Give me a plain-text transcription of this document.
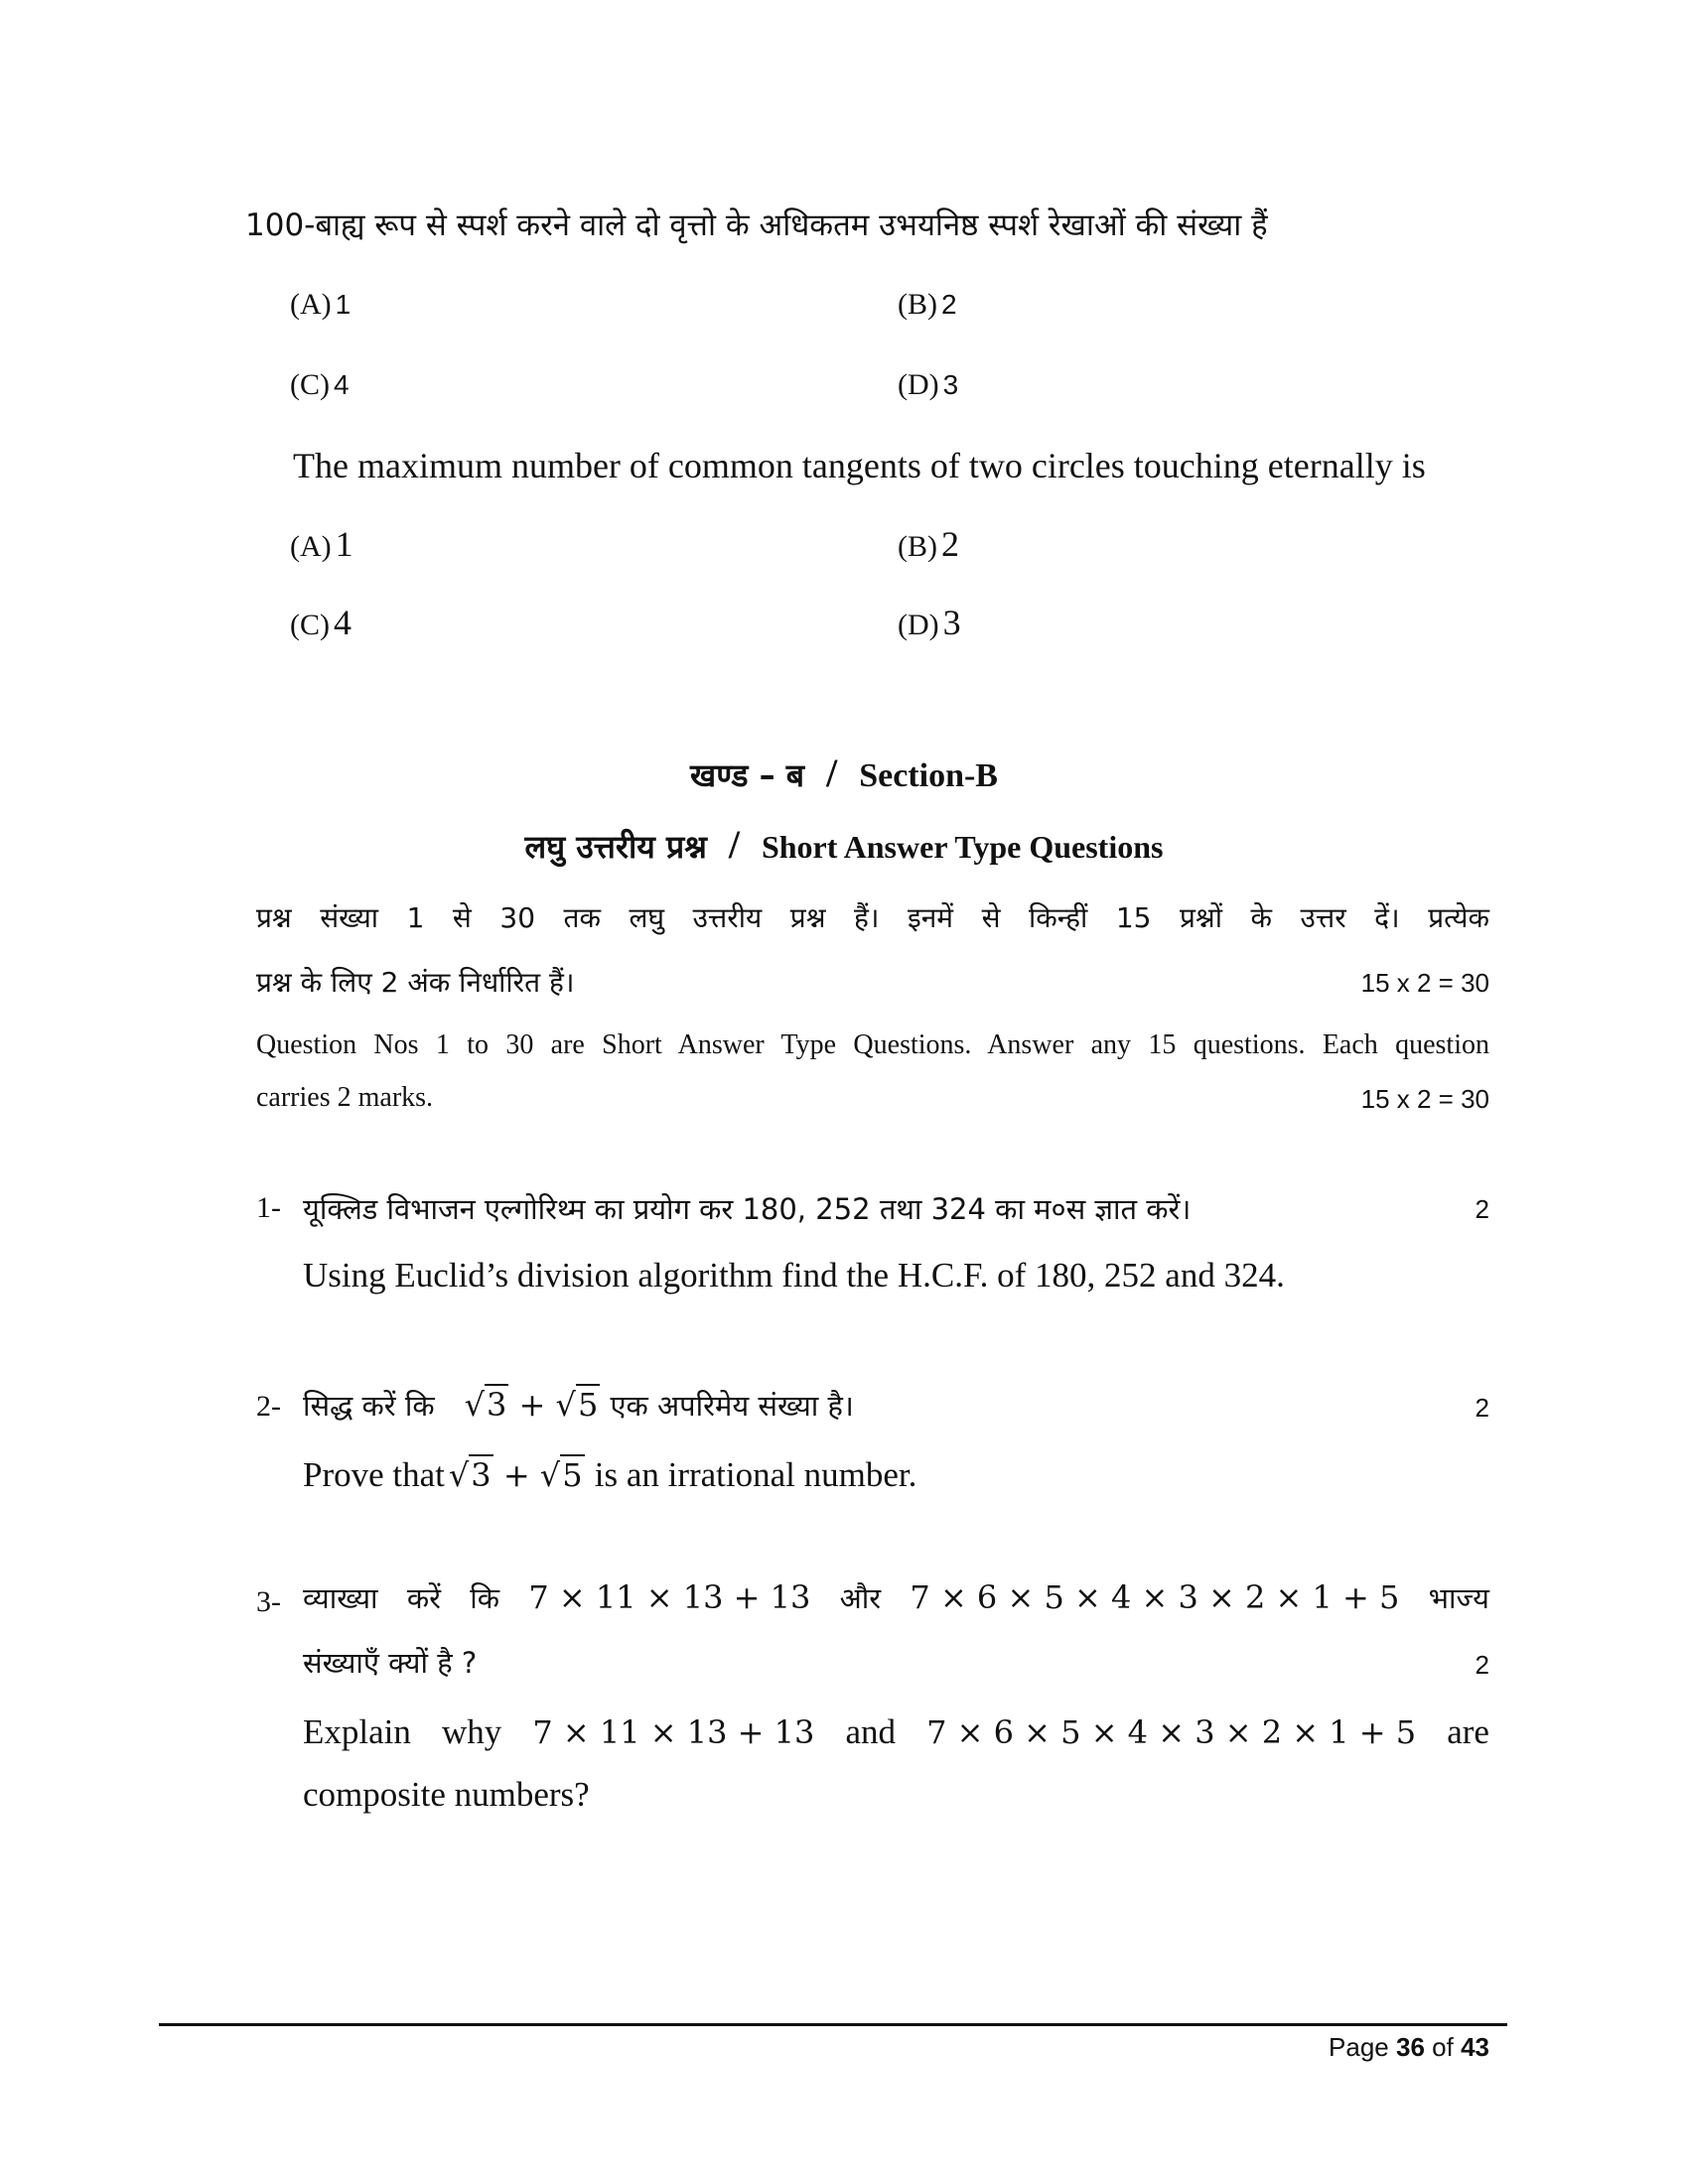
100-बाह्य रूप से स्पर्श करने वाले दो वृत्तो के अधिकतम उभयनिष्ठ स्पर्श रेखाओं की संख्या हैं
(A) 1	(B) 2
(C) 4	(D) 3
The maximum number of common tangents of two circles touching eternally is
(A) 1	(B) 2
(C) 4	(D) 3
खण्ड – ब / Section-B
लघु उत्तरीय प्रश्न / Short Answer Type Questions
प्रश्न संख्या 1 से 30 तक लघु उत्तरीय प्रश्न हैं। इनमें से किन्हीं 15 प्रश्नों के उत्तर दें। प्रत्येक
प्रश्न के लिए 2 अंक निर्धारित हैं।	15 x 2 = 30
Question Nos 1 to 30 are Short Answer Type Questions. Answer any 15 questions. Each question
carries 2 marks.	15 x 2 = 30
1- यूक्लिड विभाजन एल्गोरिथ्म का प्रयोग कर 180, 252 तथा 324 का म०स ज्ञात करें।	2
Using Euclid’s division algorithm find the H.C.F. of 180, 252 and 324.
2- सिद्ध करें कि √3 + √5 एक अपरिमेय संख्या है।	2
Prove that √3 + √5 is an irrational number.
3- व्याख्या करें कि 7 × 11 × 13 + 13 और 7 × 6 × 5 × 4 × 3 × 2 × 1 + 5 भाज्य
संख्याएँ क्यों है ?	2
Explain why 7 × 11 × 13 + 13 and 7 × 6 × 5 × 4 × 3 × 2 × 1 + 5 are
composite numbers?
Page 36 of 43
